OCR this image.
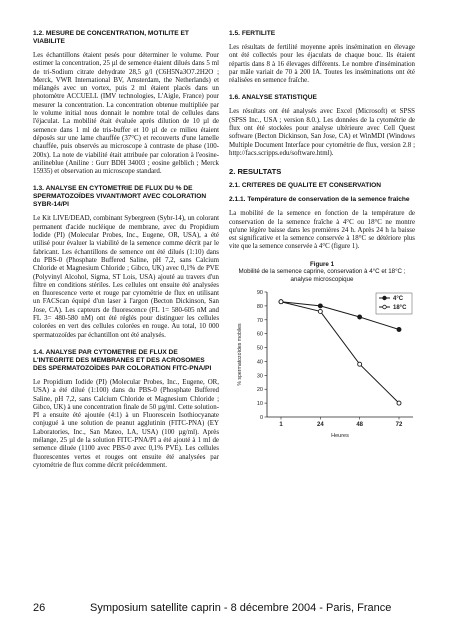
1.2. MESURE DE CONCENTRATION, MOTILITE ET VIABILITE

Les échantillons étaient pesés pour déterminer le volume. Pour estimer la concentration, 25 µl de semence étaient dilués dans 5 ml de tri-Sodium citrate dehydrate 28,5 g/l (C6H5Na3O7.2H2O ; Merck, VWR International BV, Amsterdam, the Netherlands) et mélangés avec un vortex, puis 2 ml étaient placés dans un photomètre ACCUELL (IMV technologies, L'Aigle, France) pour mesurer la concentration. La concentration obtenue multipliée par le volume initial nous donnait le nombre total de cellules dans l'éjaculat. La mobilité était évaluée après dilution de 10 µl de semence dans 1 ml de tris-buffer et 10 µl de ce milieu étaient déposés sur une lame chauffée (37°C) et recouverts d'une lamelle chauffée, puis observés au microscope à contraste de phase (100-200x). La note de viabilité était attribuée par coloration à l'eosine-anilineblue (Aniline : Gurr BDH 34003 ; eosine gelblich ; Merck 15935) et observation au microscope standard.

1.3. ANALYSE EN CYTOMETRIE DE FLUX DU % DE SPERMATOZOÏDES VIVANT/MORT AVEC COLORATION SYBR-14/PI

Le Kit LIVE/DEAD, combinant Sybergreen (Sybr-14), un colorant permanent d'acide nucléique de membrane, avec du Propidium Iodide (PI) (Molecular Probes, Inc., Eugene, OR, USA), a été utilisé pour évaluer la viabilité de la semence comme décrit par le fabricant. Les échantillons de semence ont été dilués (1:10) dans du PBS-0 (Phosphate Buffered Saline, pH 7,2, sans Calcium Chloride et Magnesium Chloride ; Gibco, UK) avec 0,1% de PVE (Polyvinyl Alcohol, Sigma, ST Lois, USA) ajouté au travers d'un filtre en conditions stériles. Les cellules ont ensuite été analysées en fluorescence verte et rouge par cytométrie de flux en utilisant un FACScan équipé d'un laser à l'argon (Becton Dickinson, San Jose, CA). Les capteurs de fluorescence (FL 1= 580-605 nM and FL 3= 480-580 nM) ont été réglés pour distinguer les cellules colorées en vert des cellules colorées en rouge. Au total, 10 000 spermatozoïdes par échantillon ont été analysés.

1.4. ANALYSE PAR CYTOMETRIE DE FLUX DE L'INTEGRITE DES MEMBRANES ET DES ACROSOMES DES SPERMATOZOÏDES PAR COLORATION FITC-PNA/PI

Le Propidium Iodide (PI) (Molecular Probes, Inc., Eugene, OR, USA) a été dilué (1:100) dans du PBS-0 (Phosphate Buffered Saline, pH 7,2, sans Calcium Chloride et Magnesium Chloride ; Gibco, UK) à une concentration finale de 50 µg/ml. Cette solution-PI a ensuite été ajoutée (4:1) à un Fluorescein Isothiocyanate conjugué à une solution de peanut agglutinin (FITC-PNA) (EY Laboratories, Inc., San Mateo, LA, USA) (100 µg/ml). Après mélange, 25 µl de la solution FITC-PNA/PI a été ajouté à 1 ml de semence diluée (1100 avec PBS-0 avec 0,1% PVE). Les cellules fluorescentes vertes et rouges ont ensuite été analysées par cytométrie de flux comme décrit précédemment.

1.5. FERTILITE

Les résultats de fertilité moyenne après insémination en élevage ont été collectés pour les éjaculats de chaque bouc. Ils étaient répartis dans 8 à 16 élevages différents. Le nombre d'insémination par mâle variait de 70 à 200 IA. Toutes les inséminations ont été réalisées en semence fraîche.

1.6. ANALYSE STATISTIQUE

Les résultats ont été analysés avec Excel (Microsoft) et SPSS (SPSS Inc., USA ; version 8.0.). Les données de la cytométrie de flux ont été stockées pour analyse ultérieure avec Cell Quest software (Becton Dickinson, San Jose, CA) et WinMDI (Windows Multiple Document Interface pour cytométrie de flux, version 2.8 ; http://facs.scripps.edu/software.html).

2. RESULTATS

2.1. CRITERES DE QUALITE ET CONSERVATION

2.1.1. Température de conservation de la semence fraîche

La mobilité de la semence en fonction de la température de conservation de la semence fraîche à 4°C ou 18°C ne montre qu'une légère baisse dans les premières 24 h. Après 24 h la baisse est significative et la semence conservée à 18°C se détériore plus vite que la semence conservée à 4°C (figure 1).

Figure 1

Mobilité de la semence caprine, conservation à 4°C et 18°C ; analyse microscopique

0
10
20
30
40
50
60
70
80
90
1	24	48	72
Heures
% spermatozoïdes mobiles
4°C
18°C
26	Symposium satellite caprin - 8 décembre 2004 - Paris, France
